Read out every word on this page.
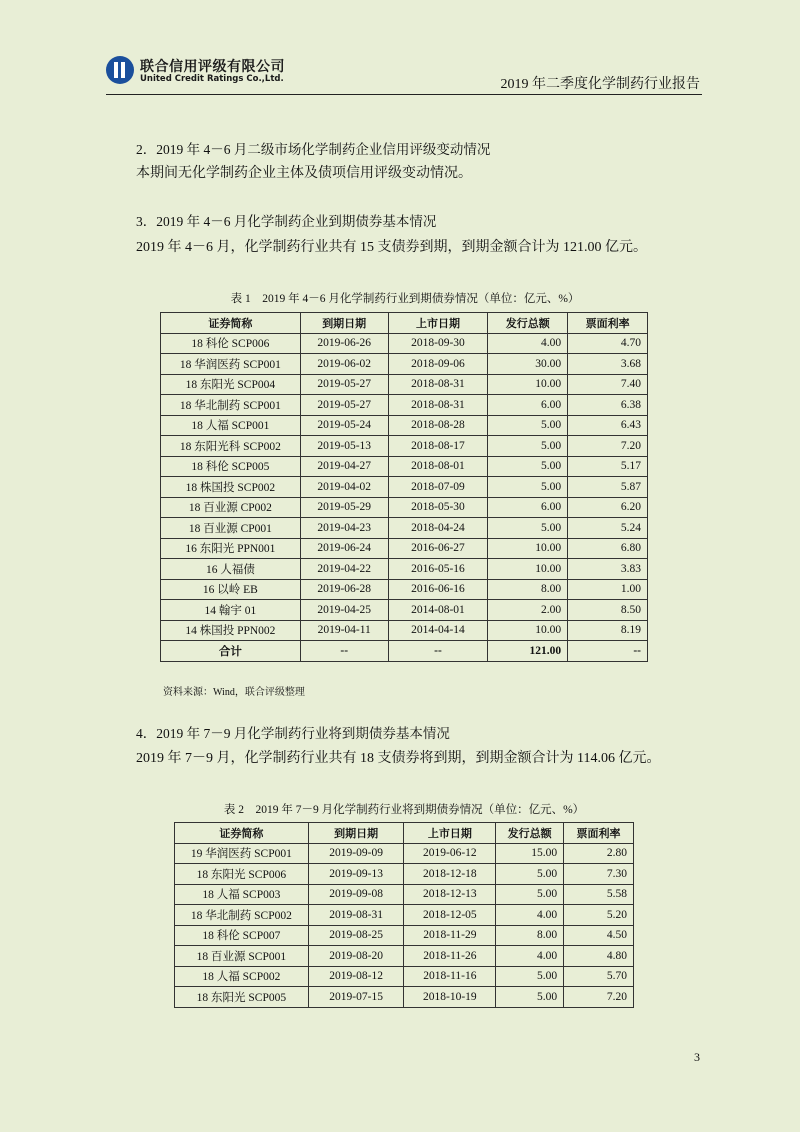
联合信用评级有限公司
United Credit Ratings Co.,Ltd.	2019 年二季度化学制药行业报告
2．2019 年 4－6 月二级市场化学制药企业信用评级变动情况
本期间无化学制药企业主体及债项信用评级变动情况。
3．2019 年 4－6 月化学制药企业到期债券基本情况
2019 年 4－6 月，化学制药行业共有 15 支债券到期，到期金额合计为 121.00 亿元。
表 1　2019 年 4－6 月化学制药行业到期债券情况（单位：亿元、%）
证券简称	到期日期	上市日期	发行总额	票面利率
18 科伦 SCP006	2019-06-26	2018-09-30	4.00	4.70
18 华润医药 SCP001	2019-06-02	2018-09-06	30.00	3.68
18 东阳光 SCP004	2019-05-27	2018-08-31	10.00	7.40
18 华北制药 SCP001	2019-05-27	2018-08-31	6.00	6.38
18 人福 SCP001	2019-05-24	2018-08-28	5.00	6.43
18 东阳光科 SCP002	2019-05-13	2018-08-17	5.00	7.20
18 科伦 SCP005	2019-04-27	2018-08-01	5.00	5.17
18 株国投 SCP002	2019-04-02	2018-07-09	5.00	5.87
18 百业源 CP002	2019-05-29	2018-05-30	6.00	6.20
18 百业源 CP001	2019-04-23	2018-04-24	5.00	5.24
16 东阳光 PPN001	2019-06-24	2016-06-27	10.00	6.80
16 人福债	2019-04-22	2016-05-16	10.00	3.83
16 以岭 EB	2019-06-28	2016-06-16	8.00	1.00
14 翰宇 01	2019-04-25	2014-08-01	2.00	8.50
14 株国投 PPN002	2019-04-11	2014-04-14	10.00	8.19
合计	--	--	121.00	--
资料来源：Wind，联合评级整理
4．2019 年 7－9 月化学制药行业将到期债券基本情况
2019 年 7－9 月，化学制药行业共有 18 支债券将到期，到期金额合计为 114.06 亿元。
表 2　2019 年 7－9 月化学制药行业将到期债券情况（单位：亿元、%）
证券简称	到期日期	上市日期	发行总额	票面利率
19 华润医药 SCP001	2019-09-09	2019-06-12	15.00	2.80
18 东阳光 SCP006	2019-09-13	2018-12-18	5.00	7.30
18 人福 SCP003	2019-09-08	2018-12-13	5.00	5.58
18 华北制药 SCP002	2019-08-31	2018-12-05	4.00	5.20
18 科伦 SCP007	2019-08-25	2018-11-29	8.00	4.50
18 百业源 SCP001	2019-08-20	2018-11-26	4.00	4.80
18 人福 SCP002	2019-08-12	2018-11-16	5.00	5.70
18 东阳光 SCP005	2019-07-15	2018-10-19	5.00	7.20
3
